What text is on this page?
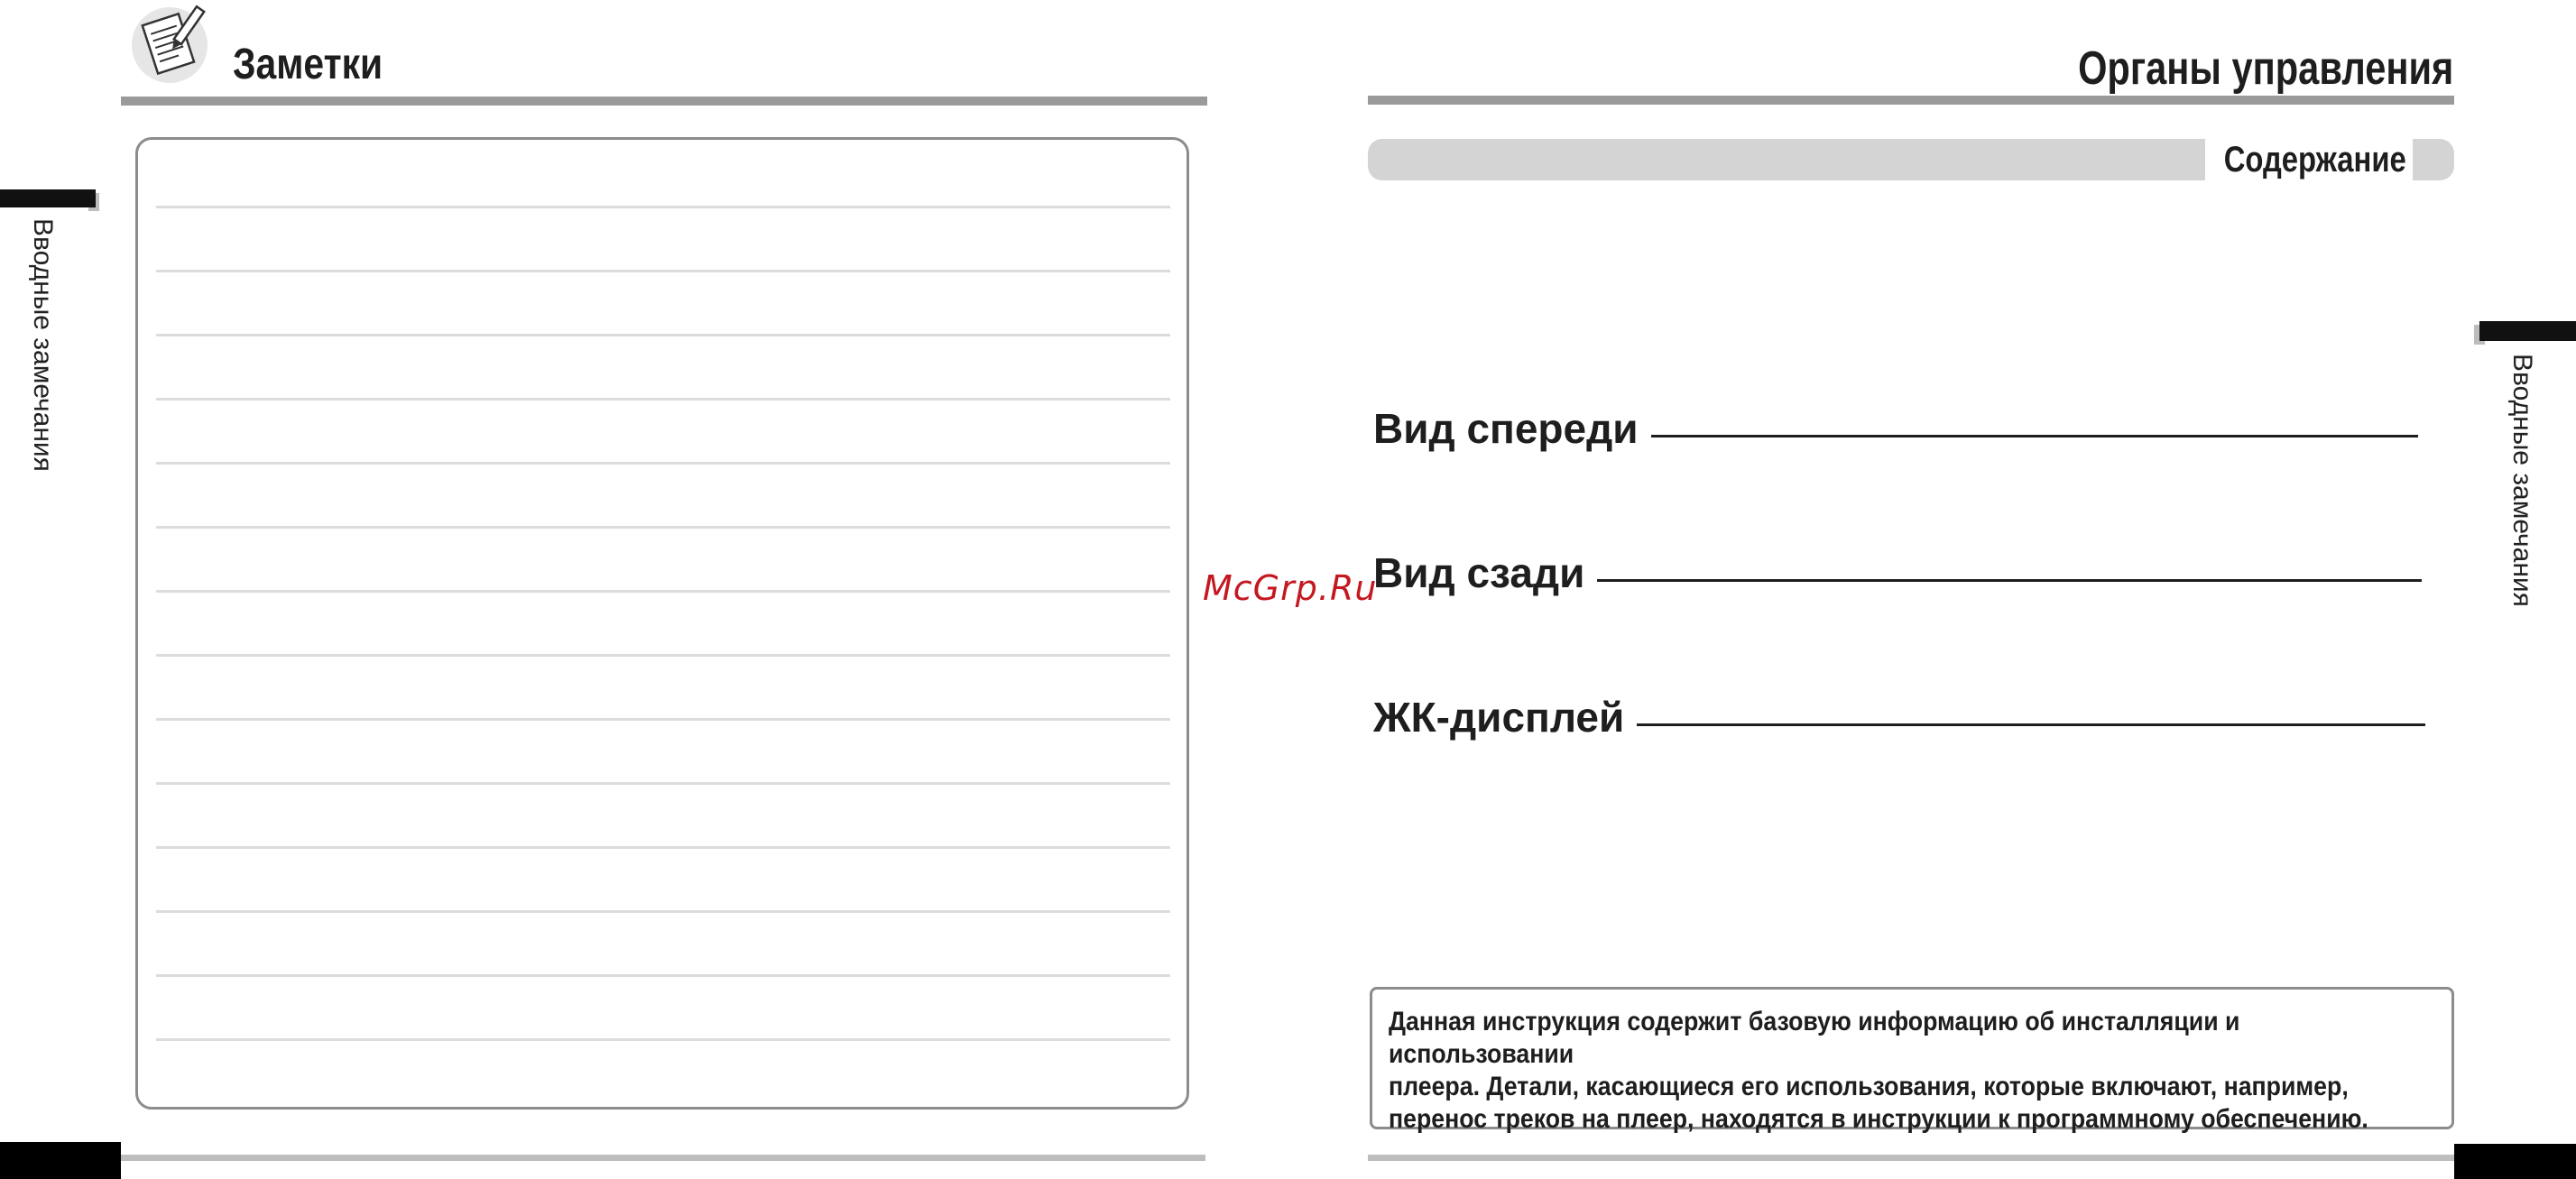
Заметки
Вводные замечания
McGrp.Ru
Органы управления
Содержание
Вид спереди
Вид сзади
ЖК-дисплей
Вводные замечания
Данная инструкция содержит базовую информацию об инсталляции и использовании
плеера. Детали, касающиеся его использования, которые включают, например,
перенос треков на плеер, находятся в инструкции к программному обеспечению.
